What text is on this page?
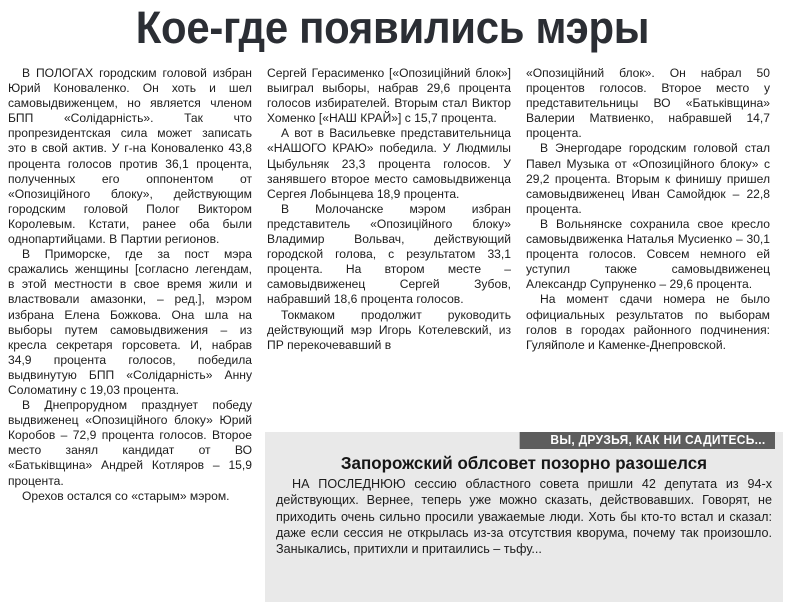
Кое-где появились мэры

В ПОЛОГАХ городским головой избран Юрий Коноваленко. Он хоть и шел самовыдвиженцем, но является членом БПП «Солідарність». Так что пропрезидентская сила может записать это в свой актив. У г-на Коноваленко 43,8 процента голосов против 36,1 процента, полученных его оппонентом от «Опозиційного блоку», действующим городским головой Полог Виктором Королевым. Кстати, ранее оба были однопартийцами. В Партии регионов.

В Приморске, где за пост мэра сражались женщины [согласно легендам, в этой местности в свое время жили и властвовали амазонки, – ред.], мэром избрана Елена Божкова. Она шла на выборы путем самовыдвижения – из кресла секретаря горсовета. И, набрав 34,9 процента голосов, победила выдвинутую БПП «Солідарність» Анну Соломатину с 19,03 процента.

В Днепрорудном празднует победу выдвиженец «Опозиційного блоку» Юрий Коробов – 72,9 процента голосов. Второе место занял кандидат от ВО «Батьківщина» Андрей Котляров – 15,9 процента.

Орехов остался со «старым» мэром.

Сергей Герасименко [«Опозиційний блок»] выиграл выборы, набрав 29,6 процента голосов избирателей. Вторым стал Виктор Хоменко [«НАШ КРАЙ»] с 15,7 процента.

А вот в Васильевке представительница «НАШОГО КРАЮ» победила. У Людмилы Цыбульняк 23,3 процента голосов. У занявшего второе место самовыдвиженца Сергея Лобынцева 18,9 процента.

В Молочанске мэром избран представитель «Опозиційного блоку» Владимир Вольвач, действующий городской голова, с результатом 33,1 процента. На втором месте – самовыдвиженец Сергей Зубов, набравший 18,6 процента голосов.

Токмаком продолжит руководить действующий мэр Игорь Котелевский, из ПР перекочевавший в

«Опозиційний блок». Он набрал 50 процентов голосов. Второе место у представительницы ВО «Батьківщина» Валерии Матвиенко, набравшей 14,7 процента.

В Энергодаре городским головой стал Павел Музыка от «Опозиційного блоку» с 29,2 процента. Вторым к финишу пришел самовыдвиженец Иван Самойдюк – 22,8 процента.

В Вольнянске сохранила свое кресло самовыдвиженка Наталья Мусиенко – 30,1 процента голосов. Совсем немного ей уступил также самовыдвиженец Александр Супруненко – 29,6 процента.

На момент сдачи номера не было официальных результатов по выборам голов в городах районного подчинения: Гуляйполе и Каменке-Днепровской.

ВЫ, ДРУЗЬЯ, КАК НИ САДИТЕСЬ...
Запорожский облсовет позорно разошелся

НА ПОСЛЕДНЮЮ сессию областного совета пришли 42 депутата из 94-х действующих. Вернее, теперь уже можно сказать, действовавших. Говорят, не приходить очень сильно просили уважаемые люди. Хоть бы кто-то встал и сказал: даже если сессия не открылась из-за отсутствия кворума, почему так произошло. Заныкались, притихли и притаились – тьфу...
